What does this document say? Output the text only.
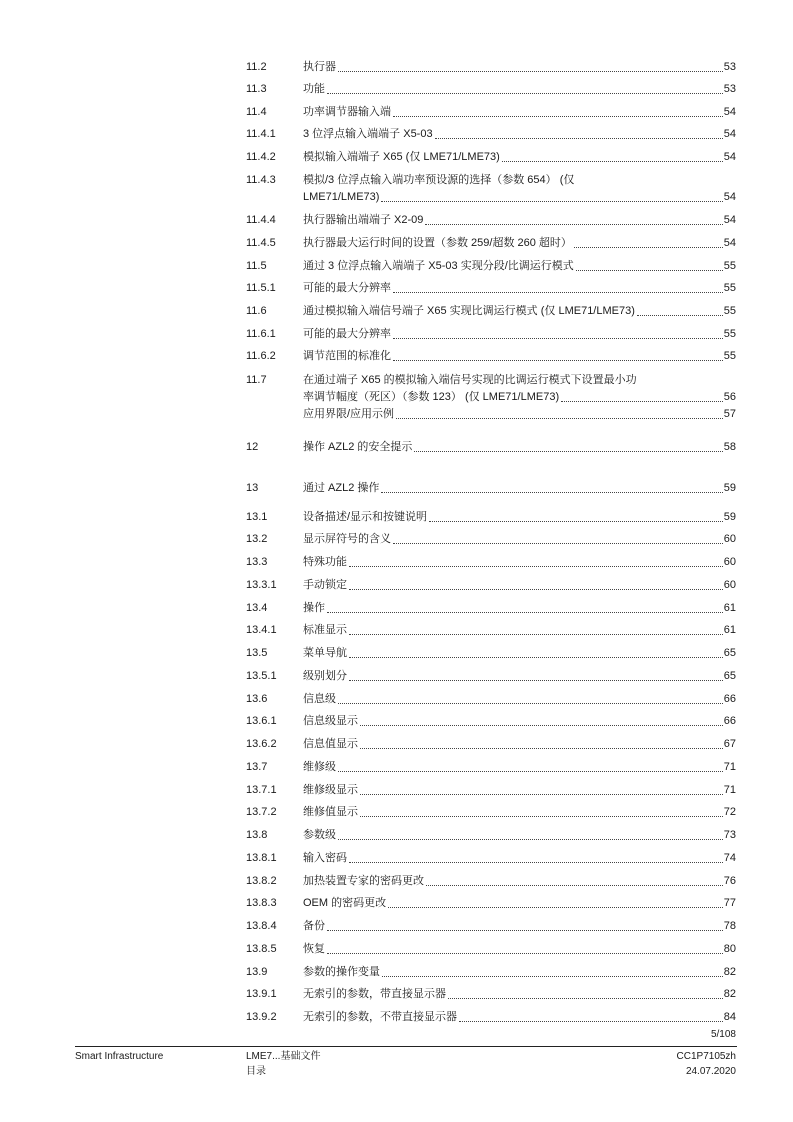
11.2	执行器	53
11.3	功能	53
11.4	功率调节器输入端	54
11.4.1 3 位浮点输入端端子 X5-03	54
11.4.2 模拟输入端端子 X65 (仅 LME71/LME73)	54
11.4.3 模拟/3 位浮点输入端功率预设源的选择（参数 654） (仅
LME71/LME73)	54
11.4.4 执行器输出端端子 X2-09	54
11.4.5 执行器最大运行时间的设置（参数 259/超数 260 超时）	54
11.5	通过 3 位浮点输入端端子 X5-03 实现分段/比调运行模式	55
11.5.1 可能的最大分辨率	55
11.6	通过模拟输入端信号端子 X65 实现比调运行模式 (仅 LME71/LME73)	55
11.6.1 可能的最大分辨率	55
11.6.2 调节范围的标准化	55
11.7	在通过端子 X65 的模拟输入端信号实现的比调运行模式下设置最小功
率调节幅度（死区）（参数 123） (仅 LME71/LME73)	56
应用界限/应用示例	57
12	操作 AZL2 的安全提示	58
13	通过 AZL2 操作	59
13.1	设备描述/显示和按键说明	59
13.2	显示屏符号的含义	60
13.3	特殊功能	60
13.3.1 手动锁定	60
13.4	操作	61
13.4.1 标准显示	61
13.5	菜单导航	65
13.5.1 级别划分	65
13.6	信息级	66
13.6.1 信息级显示	66
13.6.2 信息值显示	67
13.7	维修级	71
13.7.1 维修级显示	71
13.7.2 维修值显示	72
13.8	参数级	73
13.8.1 输入密码	74
13.8.2 加热装置专家的密码更改	76
13.8.3 OEM 的密码更改	77
13.8.4 备份	78
13.8.5 恢复	80
13.9	参数的操作变量	82
13.9.1 无索引的参数，带直接显示器	82
13.9.2 无索引的参数，不带直接显示器	84
5/108
Smart Infrastructure	LME7...基础文件
目录
CC1P7105zh
24.07.2020
